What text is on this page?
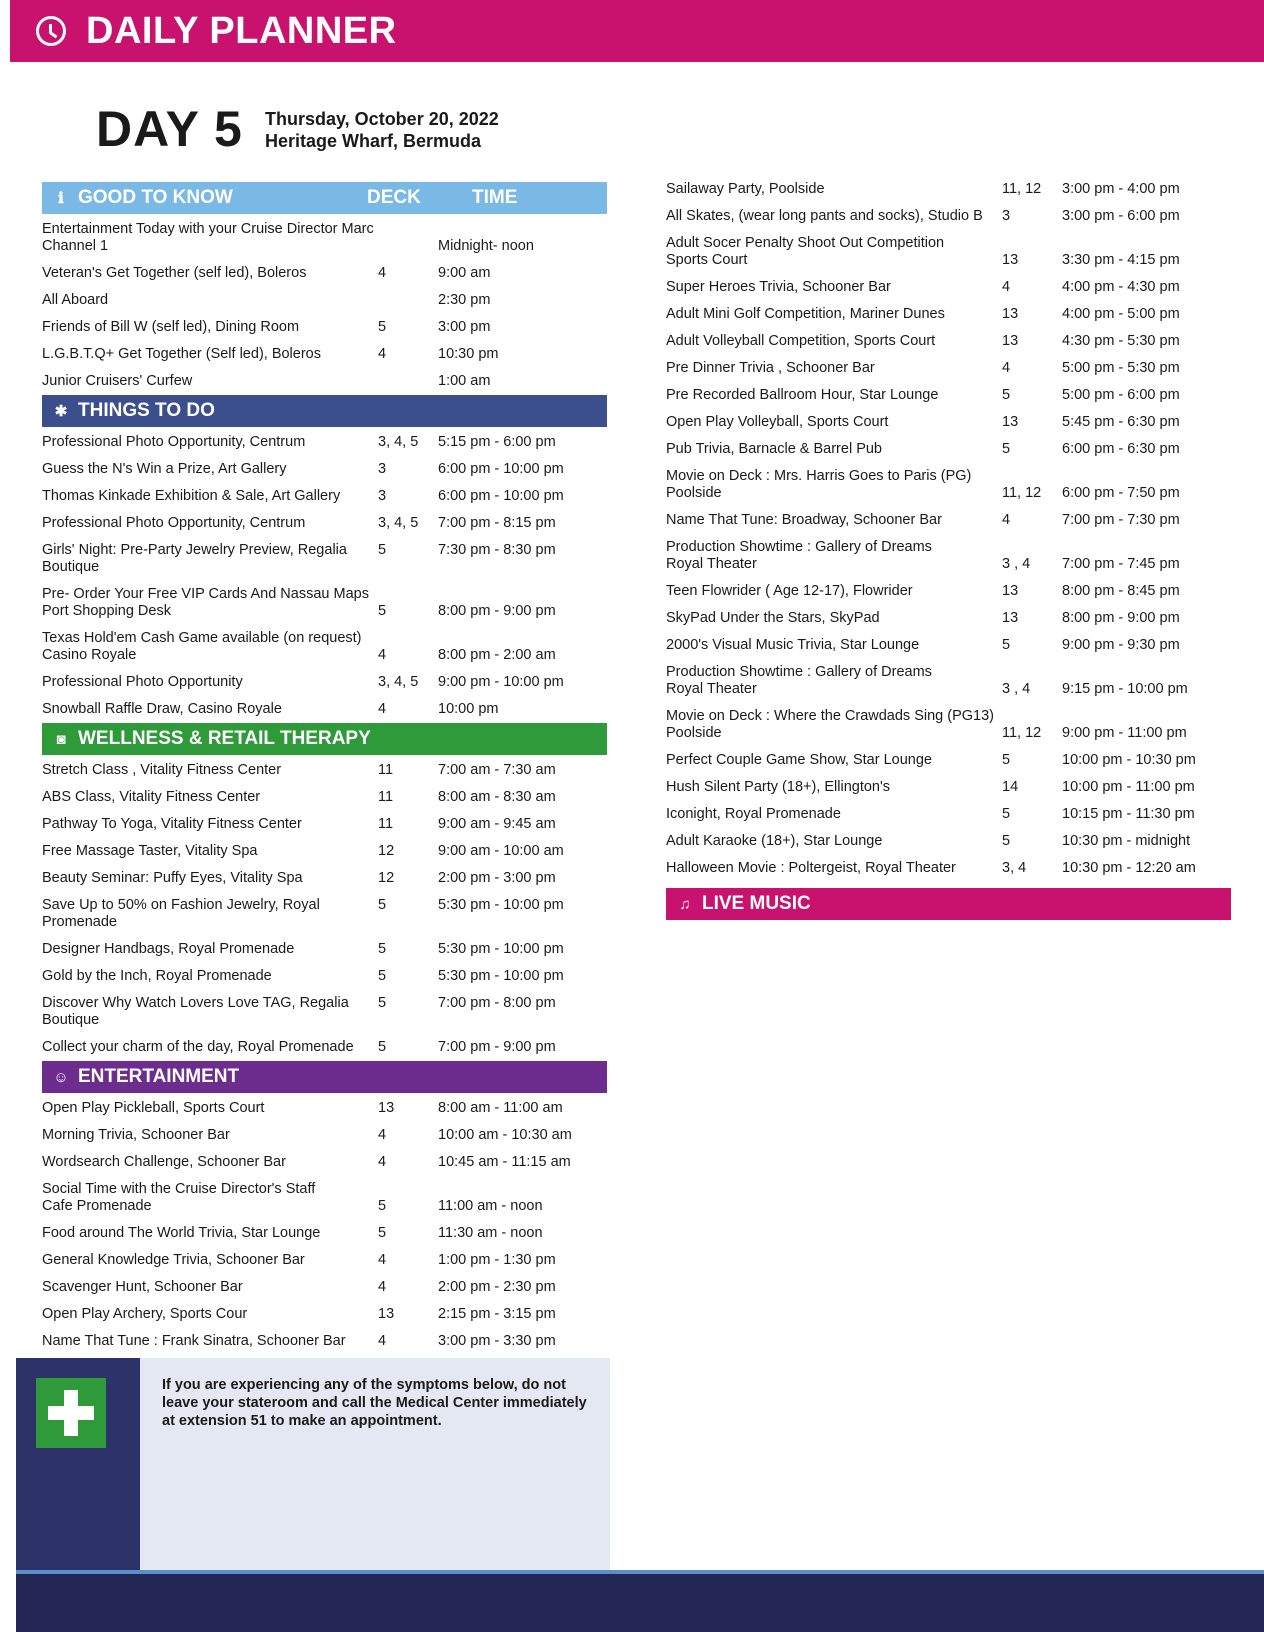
DAILY PLANNER
DAY 5 Thursday, October 20, 2022
Heritage Wharf, Bermuda
ℹ GOOD TO KNOW	DECK	TIME
Entertainment Today with your Cruise Director Marc
Channel 1	Midnight- noon
Veteran's Get Together (self led), Boleros	4	9:00 am
All Aboard	2:30 pm
Friends of Bill W (self led), Dining Room	5	3:00 pm
L.G.B.T.Q+ Get Together (Self led), Boleros	4	10:30 pm
Junior Cruisers' Curfew	1:00 am
✱ THINGS TO DO
Professional Photo Opportunity, Centrum	3, 4, 5	5:15 pm - 6:00 pm
Guess the N's Win a Prize, Art Gallery	3	6:00 pm - 10:00 pm
Thomas Kinkade Exhibition & Sale, Art Gallery	3	6:00 pm - 10:00 pm
Professional Photo Opportunity, Centrum	3, 4, 5	7:00 pm - 8:15 pm
Girls' Night: Pre-Party Jewelry Preview, Regalia Boutique
5	7:30 pm - 8:30 pm
Pre- Order Your Free VIP Cards And Nassau Maps
Port Shopping Desk	5	8:00 pm - 9:00 pm
Texas Hold'em Cash Game available (on request)
Casino Royale	4	8:00 pm - 2:00 am
Professional Photo Opportunity	3, 4, 5	9:00 pm - 10:00 pm
Snowball Raffle Draw, Casino Royale	4	10:00 pm
◙ WELLNESS & RETAIL THERAPY
Stretch Class , Vitality Fitness Center	11	7:00 am - 7:30 am
ABS Class, Vitality Fitness Center	11	8:00 am - 8:30 am
Pathway To Yoga, Vitality Fitness Center	11	9:00 am - 9:45 am
Free Massage Taster, Vitality Spa	12	9:00 am - 10:00 am
Beauty Seminar: Puffy Eyes, Vitality Spa	12	2:00 pm - 3:00 pm
Save Up to 50% on Fashion Jewelry, Royal Promenade
5	5:30 pm - 10:00 pm
Designer Handbags, Royal Promenade	5	5:30 pm - 10:00 pm
Gold by the Inch, Royal Promenade	5	5:30 pm - 10:00 pm
Discover Why Watch Lovers Love TAG, Regalia Boutique
5	7:00 pm - 8:00 pm
Collect your charm of the day, Royal Promenade	5	7:00 pm - 9:00 pm
☺ ENTERTAINMENT
Open Play Pickleball, Sports Court	13	8:00 am - 11:00 am
Morning Trivia, Schooner Bar	4	10:00 am - 10:30 am
Wordsearch Challenge, Schooner Bar	4	10:45 am - 11:15 am
Social Time with the Cruise Director's Staff
Cafe Promenade	5	11:00 am - noon
Food around The World Trivia, Star Lounge	5	11:30 am - noon
General Knowledge Trivia, Schooner Bar	4	1:00 pm - 1:30 pm
Scavenger Hunt, Schooner Bar	4	2:00 pm - 2:30 pm
Open Play Archery, Sports Cour	13	2:15 pm - 3:15 pm
Name That Tune : Frank Sinatra, Schooner Bar	4	3:00 pm - 3:30 pm
Sailaway Party, Poolside	11, 12	3:00 pm - 4:00 pm
All Skates, (wear long pants and socks), Studio B	3	3:00 pm - 6:00 pm
Adult Socer Penalty Shoot Out Competition
Sports Court	13	3:30 pm - 4:15 pm
Super Heroes Trivia, Schooner Bar	4	4:00 pm - 4:30 pm
Adult Mini Golf Competition, Mariner Dunes	13	4:00 pm - 5:00 pm
Adult Volleyball Competition, Sports Court	13	4:30 pm - 5:30 pm
Pre Dinner Trivia , Schooner Bar	4	5:00 pm - 5:30 pm
Pre Recorded Ballroom Hour, Star Lounge	5	5:00 pm - 6:00 pm
Open Play Volleyball, Sports Court	13	5:45 pm - 6:30 pm
Pub Trivia, Barnacle & Barrel Pub	5	6:00 pm - 6:30 pm
Movie on Deck : Mrs. Harris Goes to Paris (PG)
Poolside	11, 12	6:00 pm - 7:50 pm
Name That Tune: Broadway, Schooner Bar	4	7:00 pm - 7:30 pm
Production Showtime : Gallery of Dreams
Royal Theater	3 , 4	7:00 pm - 7:45 pm
Teen Flowrider ( Age 12-17), Flowrider	13	8:00 pm - 8:45 pm
SkyPad Under the Stars, SkyPad	13	8:00 pm - 9:00 pm
2000's Visual Music Trivia, Star Lounge	5	9:00 pm - 9:30 pm
Production Showtime : Gallery of Dreams
Royal Theater	3 , 4	9:15 pm - 10:00 pm
Movie on Deck : Where the Crawdads Sing (PG13)
Poolside	11, 12	9:00 pm - 11:00 pm
Perfect Couple Game Show, Star Lounge	5	10:00 pm - 10:30 pm
Hush Silent Party (18+), Ellington's	14	10:00 pm - 11:00 pm
Iconight, Royal Promenade	5	10:15 pm - 11:30 pm
Adult Karaoke (18+), Star Lounge	5	10:30 pm - midnight
Halloween Movie : Poltergeist, Royal Theater	3, 4	10:30 pm - 12:20 am
♫ LIVE MUSIC
If you are experiencing any of the symptoms below, do not leave your stateroom and call the Medical Center immediately at extension 51 to make an appointment.
